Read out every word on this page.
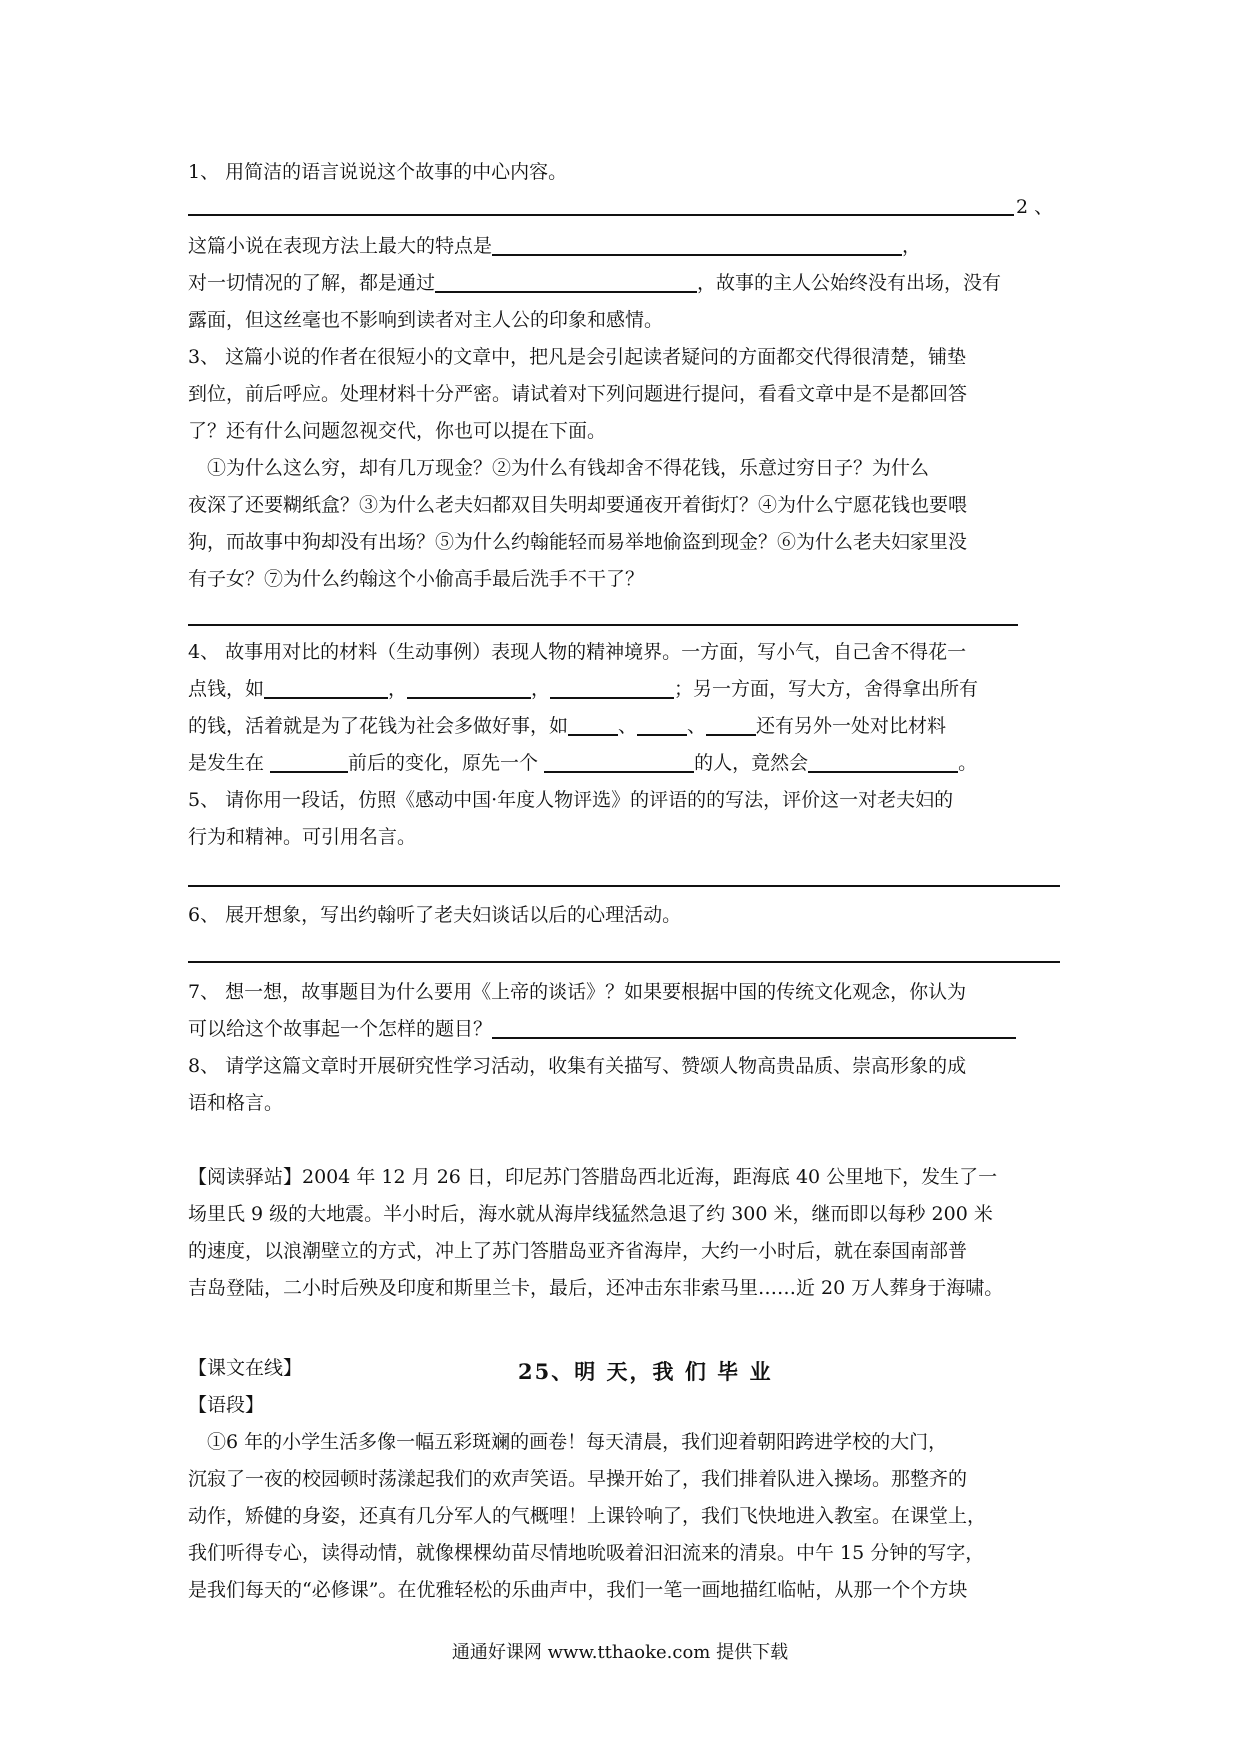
1、 用简洁的语言说说这个故事的中心内容。
2 、
这篇小说在表现方法上最大的特点是	，
对一切情况的了解，都是通过	，故事的主人公始终没有出场，没有
露面，但这丝毫也不影响到读者对主人公的印象和感情。
3、 这篇小说的作者在很短小的文章中，把凡是会引起读者疑问的方面都交代得很清楚，铺垫
到位，前后呼应。处理材料十分严密。请试着对下列问题进行提问，看看文章中是不是都回答
了？还有什么问题忽视交代，你也可以提在下面。
　①为什么这么穷，却有几万现金？②为什么有钱却舍不得花钱，乐意过穷日子？为什么
夜深了还要糊纸盒？③为什么老夫妇都双目失明却要通夜开着街灯？④为什么宁愿花钱也要喂
狗，而故事中狗却没有出场？⑤为什么约翰能轻而易举地偷盗到现金？⑥为什么老夫妇家里没
有子女？⑦为什么约翰这个小偷高手最后洗手不干了？
4、 故事用对比的材料（生动事例）表现人物的精神境界。一方面，写小气，自己舍不得花一
点钱，如	，	，	；另一方面，写大方，舍得拿出所有
的钱，活着就是为了花钱为社会多做好事，如	、	、	还有另外一处对比材料
是发生在	前后的变化，原先一个	的人，竟然会	。
5、 请你用一段话，仿照《感动中国·年度人物评选》的评语的的写法，评价这一对老夫妇的
行为和精神。可引用名言。
6、 展开想象，写出约翰听了老夫妇谈话以后的心理活动。
7、 想一想，故事题目为什么要用《上帝的谈话》？如果要根据中国的传统文化观念，你认为
可以给这个故事起一个怎样的题目？
8、 请学这篇文章时开展研究性学习活动，收集有关描写、赞颂人物高贵品质、崇高形象的成
语和格言。
【阅读驿站】2004 年 12 月 26 日，印尼苏门答腊岛西北近海，距海底 40 公里地下，发生了一
场里氏 9 级的大地震。半小时后，海水就从海岸线猛然急退了约 300 米，继而即以每秒 200 米
的速度，以浪潮壁立的方式，冲上了苏门答腊岛亚齐省海岸，大约一小时后，就在泰国南部普
吉岛登陆，二小时后殃及印度和斯里兰卡，最后，还冲击东非索马里……近 20 万人葬身于海啸。
【课文在线】	25、明 天，我 们 毕 业
【语段】
　①6 年的小学生活多像一幅五彩斑斓的画卷！每天清晨，我们迎着朝阳跨进学校的大门，
沉寂了一夜的校园顿时荡漾起我们的欢声笑语。早操开始了，我们排着队进入操场。那整齐的
动作，矫健的身姿，还真有几分军人的气概哩！上课铃响了，我们飞快地进入教室。在课堂上，
我们听得专心，读得动情，就像棵棵幼苗尽情地吮吸着汩汩流来的清泉。中午 15 分钟的写字，
是我们每天的“必修课”。在优雅轻松的乐曲声中，我们一笔一画地描红临帖，从那一个个方块
通通好课网 www.tthaoke.com 提供下载
